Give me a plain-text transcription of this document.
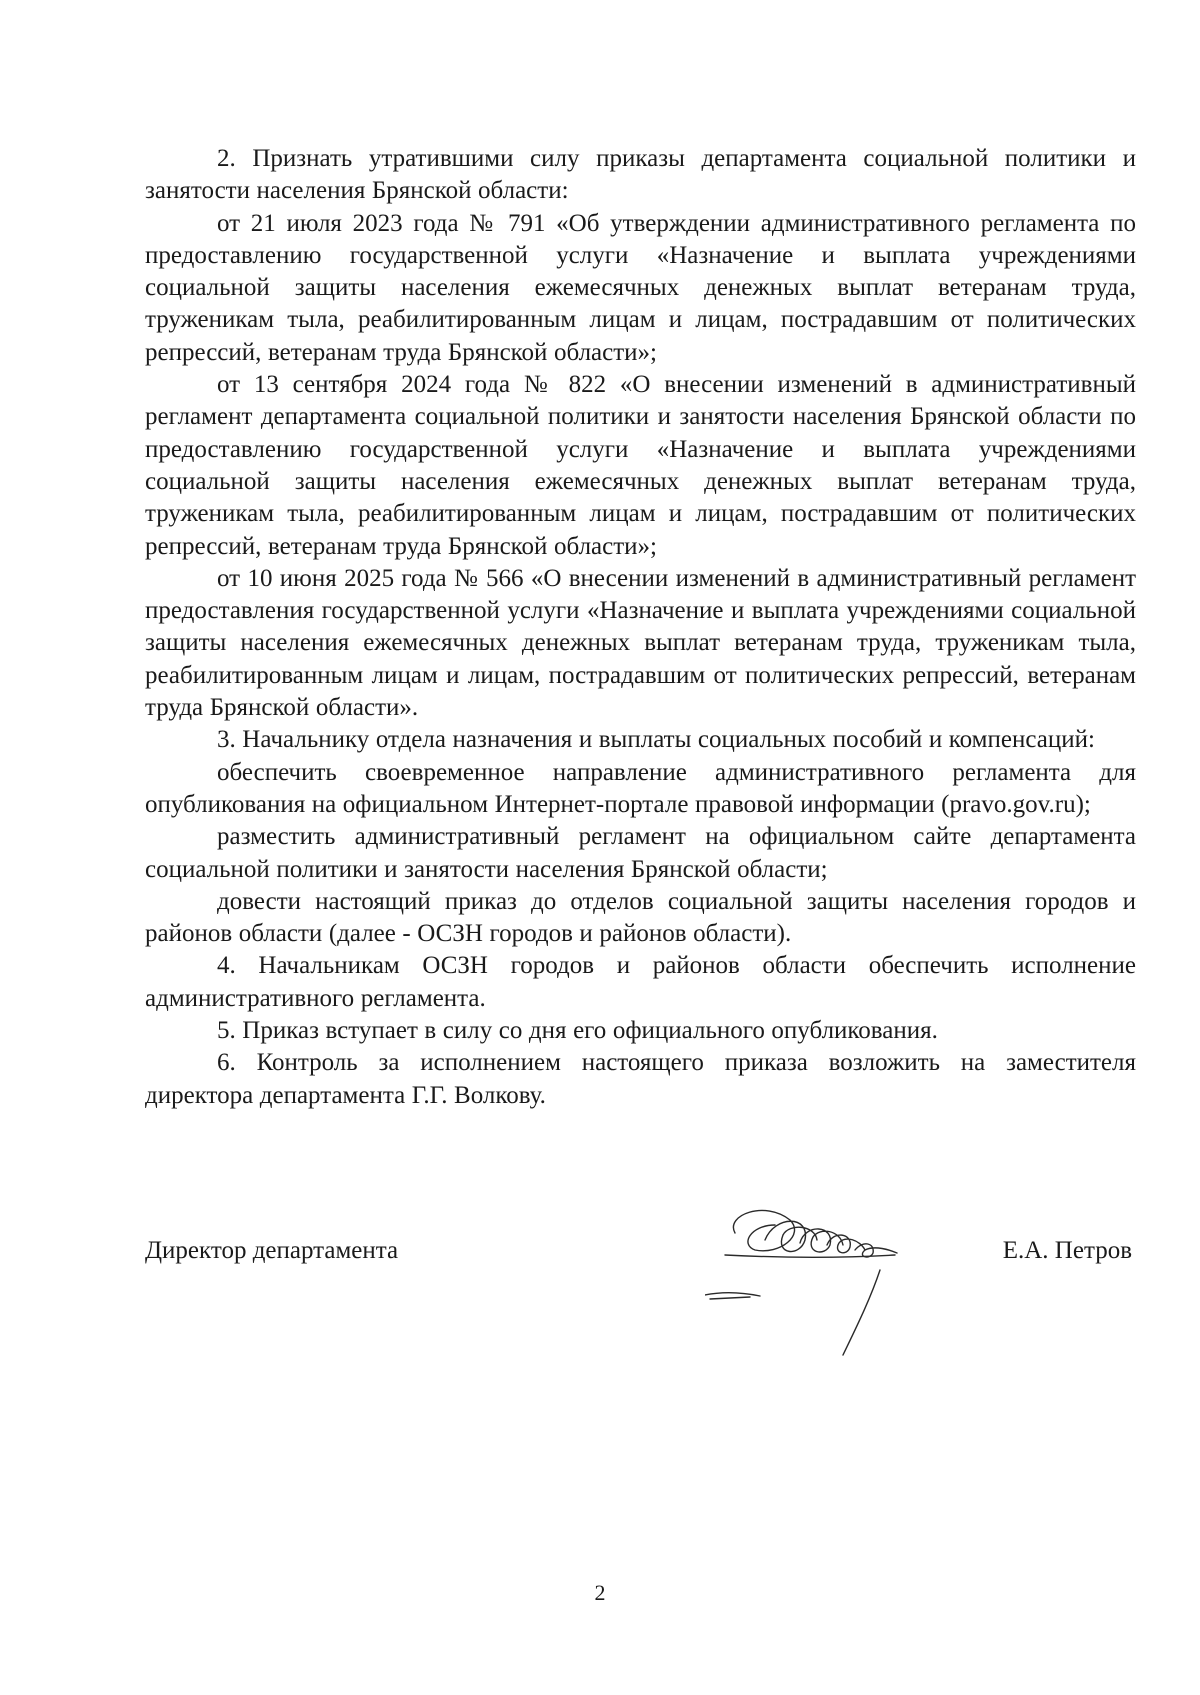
2. Признать утратившими силу приказы департамента социальной политики и занятости населения Брянской области:

от 21 июля 2023 года № 791 «Об утверждении административного регламента по предоставлению государственной услуги «Назначение и выплата учреждениями социальной защиты населения ежемесячных денежных выплат ветеранам труда, труженикам тыла, реабилитированным лицам и лицам, пострадавшим от политических репрессий, ветеранам труда Брянской области»;

от 13 сентября 2024 года № 822 «О внесении изменений в административный регламент департамента социальной политики и занятости населения Брянской области по предоставлению государственной услуги «Назначение и выплата учреждениями социальной защиты населения ежемесячных денежных выплат ветеранам труда, труженикам тыла, реабилитированным лицам и лицам, пострадавшим от политических репрессий, ветеранам труда Брянской области»;

от 10 июня 2025 года № 566 «О внесении изменений в административный регламент предоставления государственной услуги «Назначение и выплата учреждениями социальной защиты населения ежемесячных денежных выплат ветеранам труда, труженикам тыла, реабилитированным лицам и лицам, пострадавшим от политических репрессий, ветеранам труда Брянской области».

3. Начальнику отдела назначения и выплаты социальных пособий и компенсаций:

обеспечить своевременное направление административного регламента для опубликования на официальном Интернет-портале правовой информации (pravo.gov.ru);

разместить административный регламент на официальном сайте департамента социальной политики и занятости населения Брянской области;

довести настоящий приказ до отделов социальной защиты населения городов и районов области (далее - ОСЗН городов и районов области).

4. Начальникам ОСЗН городов и районов области обеспечить исполнение административного регламента.

5. Приказ вступает в силу со дня его официального опубликования.

6. Контроль за исполнением настоящего приказа возложить на заместителя директора департамента Г.Г. Волкову.

Директор департамента	Е.А. Петров
2
